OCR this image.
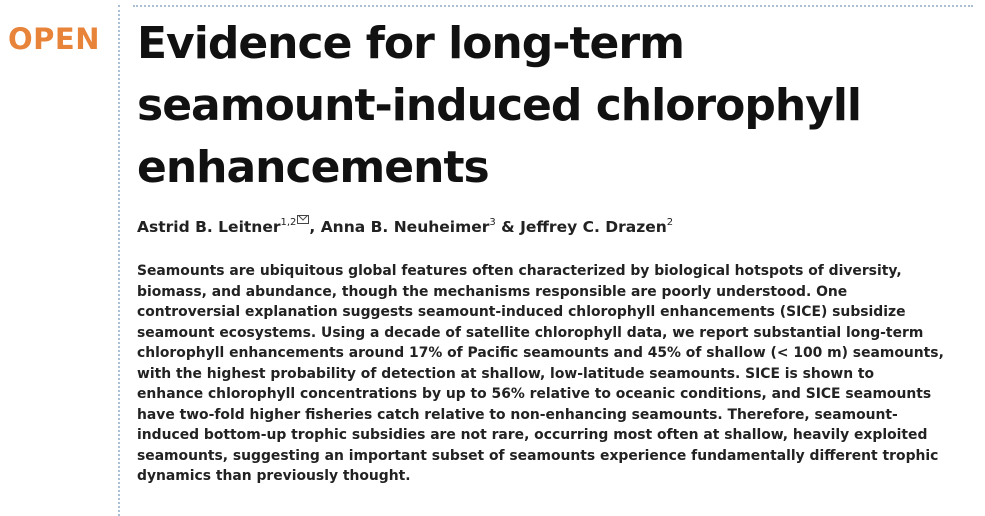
OPEN Evidence for long-term
seamount-induced chlorophyll
enhancements
Astrid B. Leitner$^{1,2}$ , Anna B. Neuheimer$^3$ & Jeffrey C. Drazen$^2$

Seamounts are ubiquitous global features often characterized by biological hotspots of diversity,
biomass, and abundance, though the mechanisms responsible are poorly understood. One
controversial explanation suggests seamount-induced chlorophyll enhancements (SICE) subsidize
seamount ecosystems. Using a decade of satellite chlorophyll data, we report substantial long-term
chlorophyll enhancements around 17% of Pacific seamounts and 45% of shallow (< 100 m) seamounts,
with the highest probability of detection at shallow, low-latitude seamounts. SICE is shown to
enhance chlorophyll concentrations by up to 56% relative to oceanic conditions, and SICE seamounts
have two-fold higher fisheries catch relative to non-enhancing seamounts. Therefore, seamount-
induced bottom-up trophic subsidies are not rare, occurring most often at shallow, heavily exploited
seamounts, suggesting an important subset of seamounts experience fundamentally different trophic
dynamics than previously thought.
